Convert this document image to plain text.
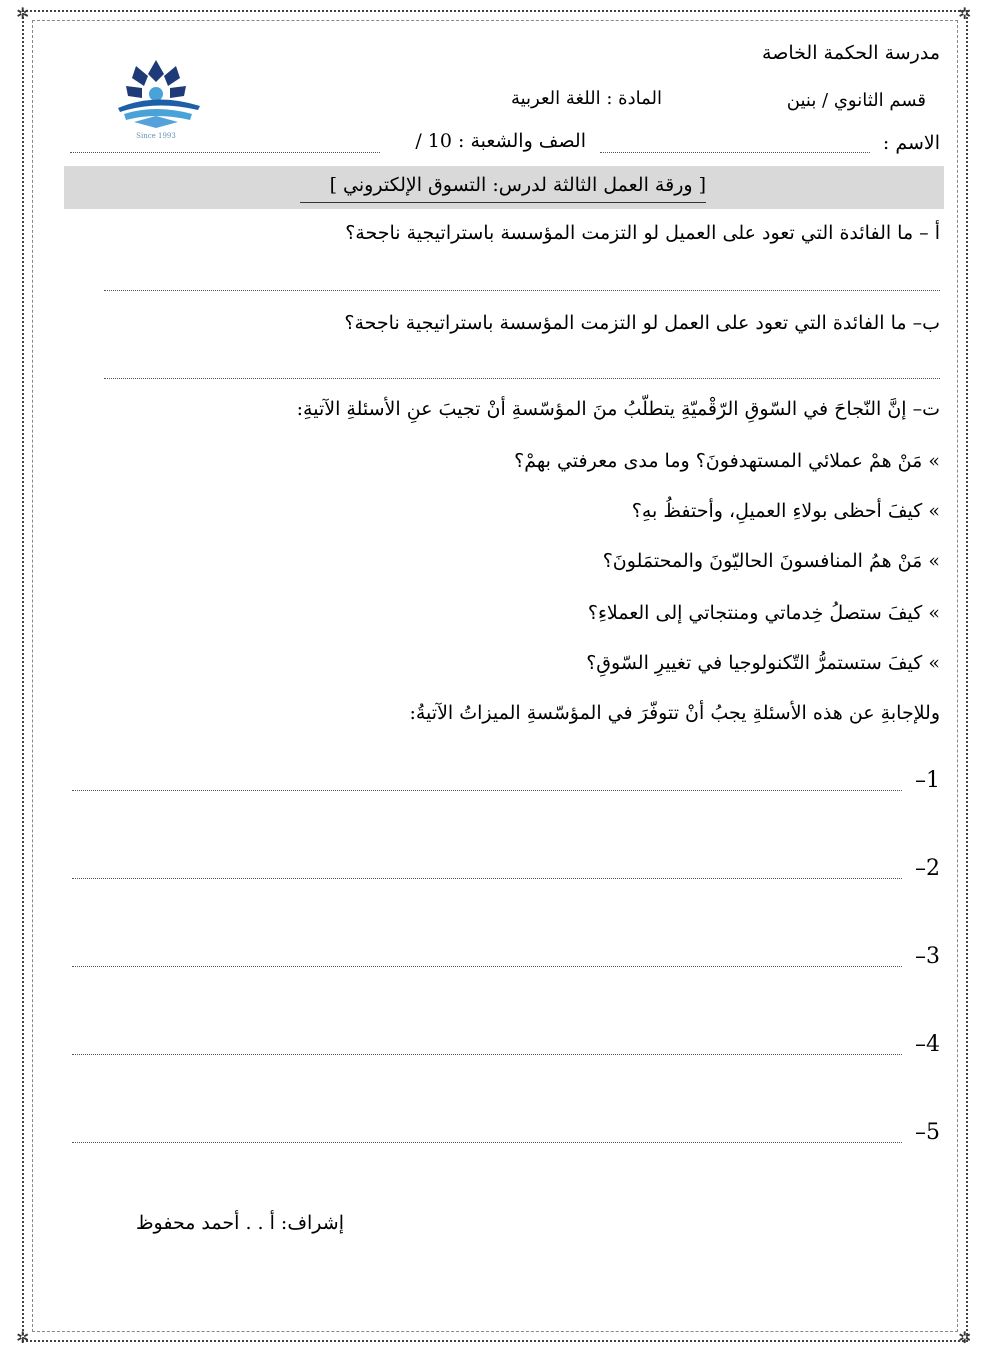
✲	✲
✲	✲
Since 1993
مدرسة الحكمة الخاصة
قسم الثانوي / بنين
المادة : اللغة العربية
الاسم :
الصف والشعبة : 10 /
[ ورقة العمل الثالثة لدرس: التسوق الإلكتروني ]
أ – ما الفائدة التي تعود على العميل لو التزمت المؤسسة باستراتيجية ناجحة؟
ب– ما الفائدة التي تعود على العمل لو التزمت المؤسسة باستراتيجية ناجحة؟
ت– إنَّ النّجاحَ في السّوقِ الرّقْميّةِ يتطلّبُ منَ المؤسّسةِ أنْ تجيبَ عنِ الأسئلةِ الآتيةِ:
» مَنْ همْ عملائي المستهدفونَ؟ وما مدى معرفتي بهمْ؟
» كيفَ أحظى بولاءِ العميلِ، وأحتفظُ بهِ؟
» مَنْ همُ المنافسونَ الحاليّونَ والمحتمَلونَ؟
» كيفَ ستصلُ خِدماتي ومنتجاتي إلى العملاءِ؟
» كيفَ ستستمرُّ التّكنولوجيا في تغييرِ السّوقِ؟
وللإجابةِ عن هذه الأسئلةِ يجبُ أنْ تتوفّرَ في المؤسّسةِ الميزاتُ الآتيةُ:
1–
2–
3–
4–
5–
إشراف: أ . . أحمد محفوظ
